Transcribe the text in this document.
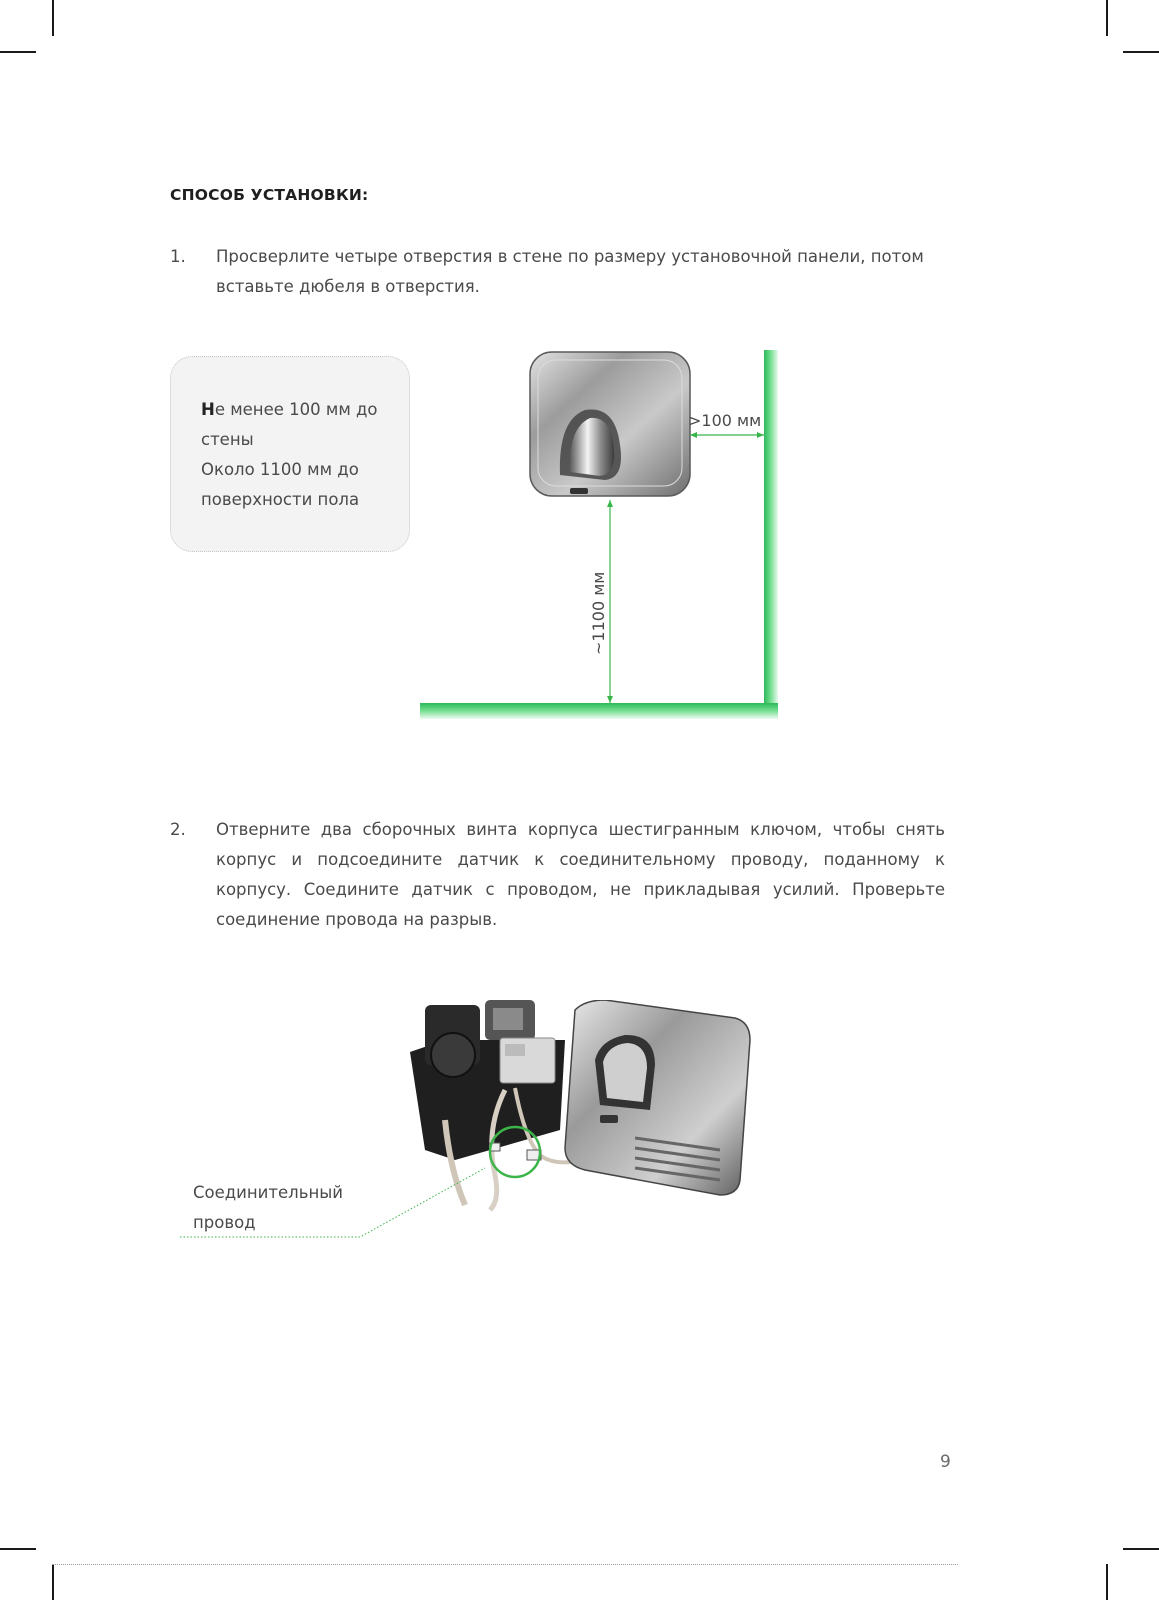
СПОСОБ УСТАНОВКИ:
1. Просверлите четыре отверстия в стене по размеру установочной панели, потом вставьте дюбеля в отверстия.
Не менее 100 мм до
стены
Около 1100 мм до
поверхности пола
>100 мм
~1100 мм
2. Отверните два сборочных винта корпуса шестигранным ключом, чтобы снять корпус и подсоедините датчик к соединительному проводу, поданному к корпусу. Соедините датчик с проводом, не прикладывая усилий. Проверьте соединение провода на разрыв.
Соединительный
провод
9
